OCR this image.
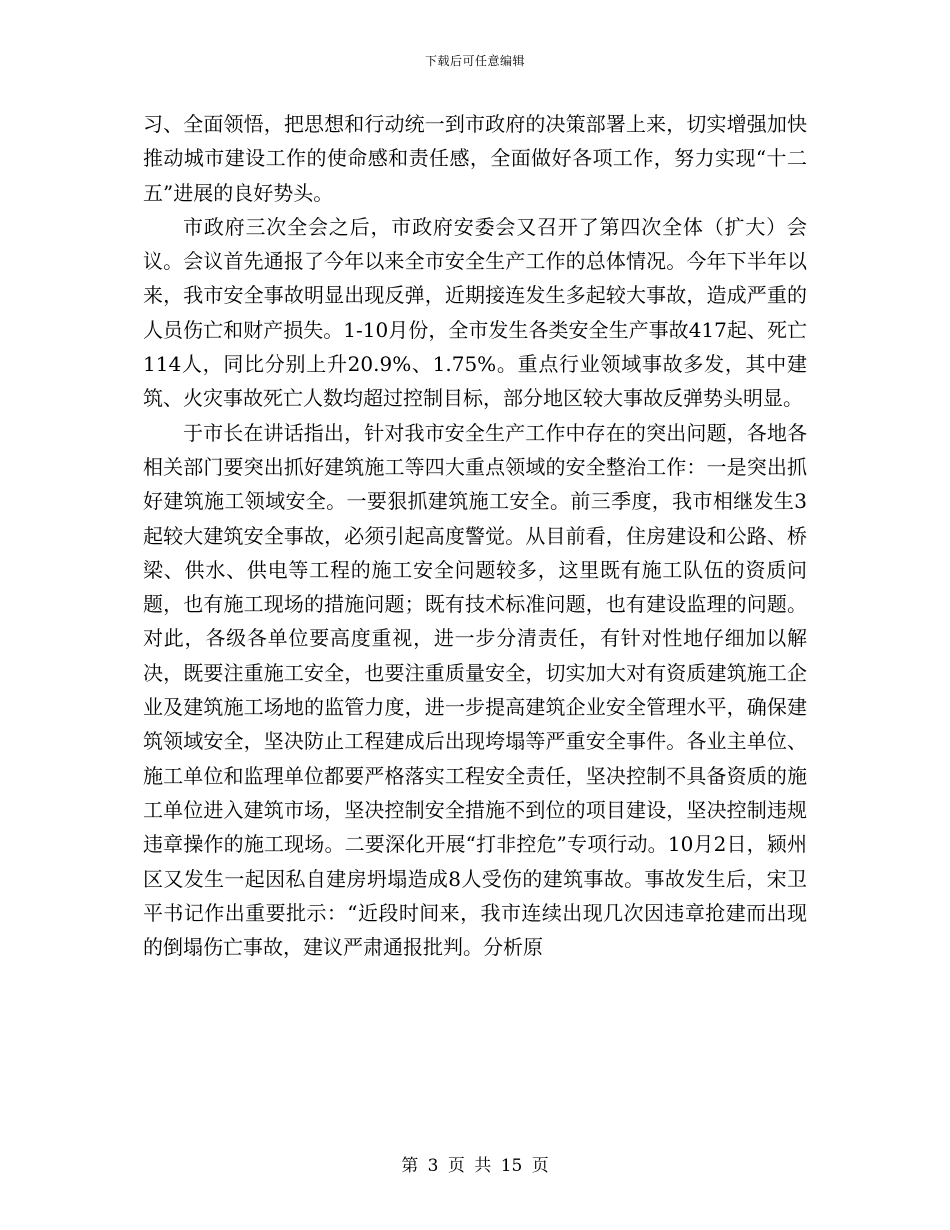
下载后可任意编辑

习、全面领悟，把思想和行动统一到市政府的决策部署上来，切实增强加快推动城市建设工作的使命感和责任感，全面做好各项工作，努力实现“十二五”进展的良好势头。

市政府三次全会之后，市政府安委会又召开了第四次全体（扩大）会议。会议首先通报了今年以来全市安全生产工作的总体情况。今年下半年以来，我市安全事故明显出现反弹，近期接连发生多起较大事故，造成严重的人员伤亡和财产损失。1-10月份，全市发生各类安全生产事故417起、死亡114人，同比分别上升20.9%、1.75%。重点行业领域事故多发，其中建筑、火灾事故死亡人数均超过控制目标，部分地区较大事故反弹势头明显。

于市长在讲话指出，针对我市安全生产工作中存在的突出问题，各地各相关部门要突出抓好建筑施工等四大重点领域的安全整治工作：一是突出抓好建筑施工领域安全。一要狠抓建筑施工安全。前三季度，我市相继发生3起较大建筑安全事故，必须引起高度警觉。从目前看，住房建设和公路、桥梁、供水、供电等工程的施工安全问题较多，这里既有施工队伍的资质问题，也有施工现场的措施问题；既有技术标准问题，也有建设监理的问题。对此，各级各单位要高度重视，进一步分清责任，有针对性地仔细加以解决，既要注重施工安全，也要注重质量安全，切实加大对有资质建筑施工企业及建筑施工场地的监管力度，进一步提高建筑企业安全管理水平，确保建筑领域安全，坚决防止工程建成后出现垮塌等严重安全事件。各业主单位、施工单位和监理单位都要严格落实工程安全责任，坚决控制不具备资质的施工单位进入建筑市场，坚决控制安全措施不到位的项目建设，坚决控制违规违章操作的施工现场。二要深化开展“打非控危”专项行动。10月2日，颍州区又发生一起因私自建房坍塌造成8人受伤的建筑事故。事故发生后，宋卫平书记作出重要批示：“近段时间来，我市连续出现几次因违章抢建而出现的倒塌伤亡事故，建议严肃通报批判。分析原

第 3 页 共 15 页
